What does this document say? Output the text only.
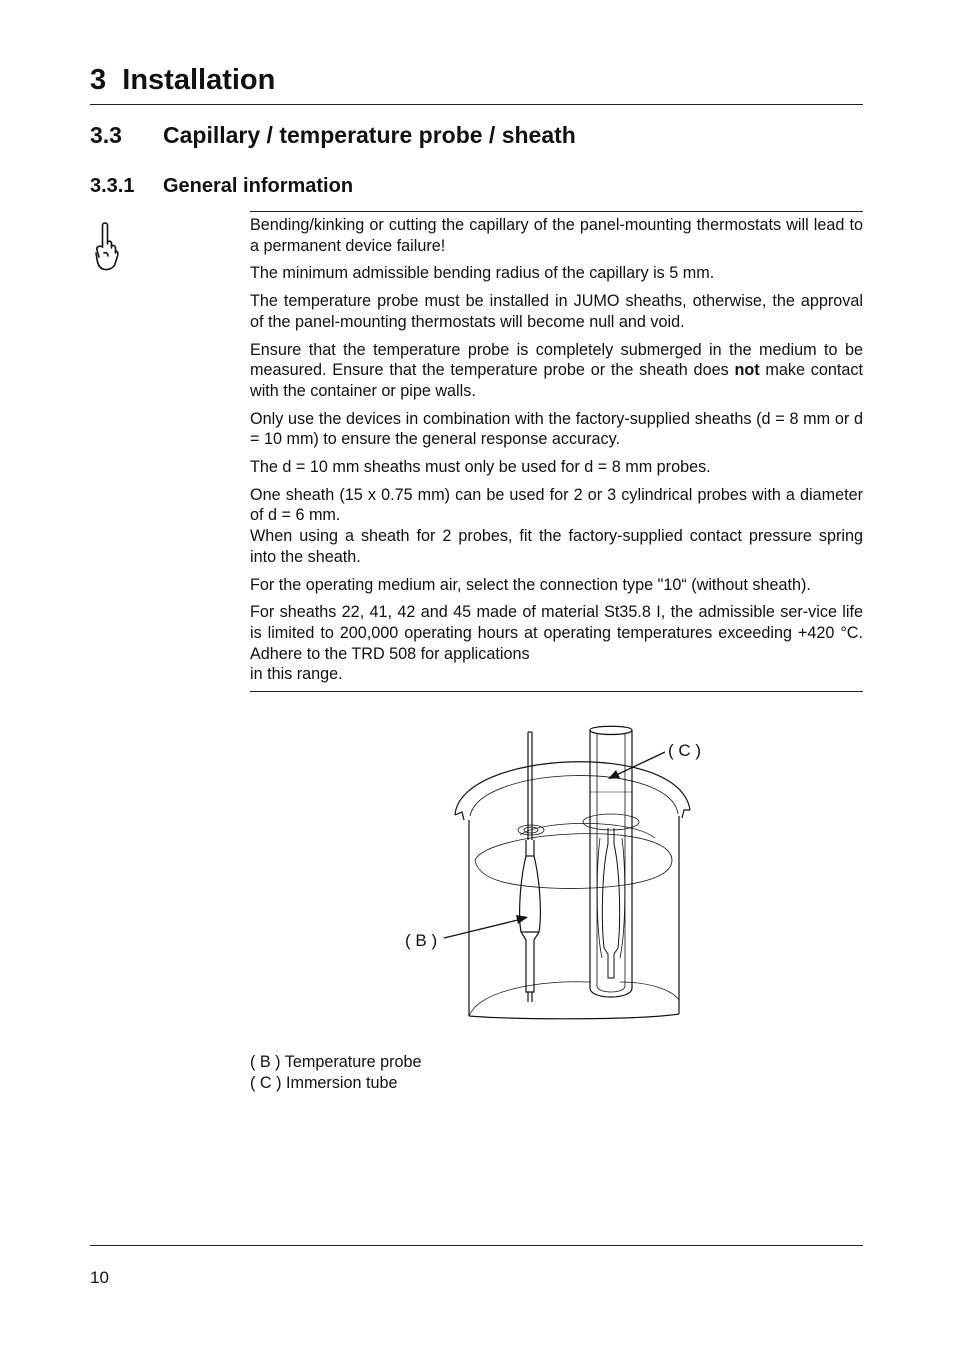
3 Installation
3.3 Capillary / temperature probe / sheath
3.3.1 General information

Bending/kinking or cutting the capillary of the panel-mounting thermostats will lead to a permanent device failure!

The minimum admissible bending radius of the capillary is 5 mm.

The temperature probe must be installed in JUMO sheaths, otherwise, the approval of the panel-mounting thermostats will become null and void.

Ensure that the temperature probe is completely submerged in the medium to be measured. Ensure that the temperature probe or the sheath does not make contact with the container or pipe walls.

Only use the devices in combination with the factory-supplied sheaths (d = 8 mm or d = 10 mm) to ensure the general response accuracy.

The d = 10 mm sheaths must only be used for d = 8 mm probes.

One sheath (15 x 0.75 mm) can be used for 2 or 3 cylindrical probes with a diameter of d = 6 mm.
When using a sheath for 2 probes, fit the factory-supplied contact pressure spring into the sheath.

For the operating medium air, select the connection type "10“ (without sheath).

For sheaths 22, 41, 42 and 45 made of material St35.8 I, the admissible ser-vice life is limited to 200,000 operating hours at operating temperatures exceeding +420 °C. Adhere to the TRD 508 for applications
in this range.

( B )
( C )
( B ) Temperature probe
( C ) Immersion tube
10
